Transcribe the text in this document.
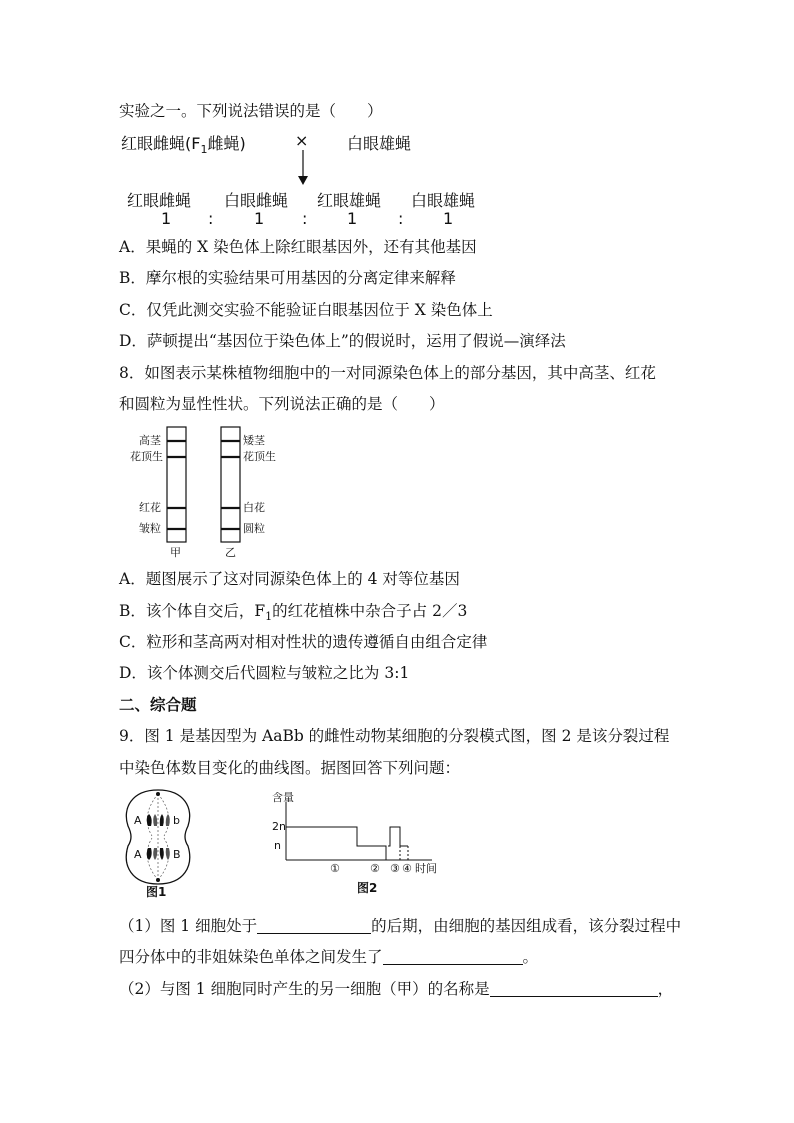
实验之一。下列说法错误的是（　　）
红眼雌蝇($F_1$雌蝇)	× 白眼雄蝇
红眼雌蝇 白眼雌蝇 红眼雄蝇 白眼雄蝇
1 :	1 : 1	: 1
A．果蝇的 X 染色体上除红眼基因外，还有其他基因
B．摩尔根的实验结果可用基因的分离定律来解释
C．仅凭此测交实验不能验证白眼基因位于 X 染色体上
D．萨顿提出“基因位于染色体上”的假说时，运用了假说—演绎法
8．如图表示某株植物细胞中的一对同源染色体上的部分基因，其中高茎、红花
和圆粒为显性性状。下列说法正确的是（　　）
高茎
花顶生
红花
皱粒
矮茎
花顶生
白花
圆粒
甲	乙
A．题图展示了这对同源染色体上的 4 对等位基因
B．该个体自交后，$F_1$的红花植株中杂合子占 2／3
C．粒形和茎高两对相对性状的遗传遵循自由组合定律
D．该个体测交后代圆粒与皱粒之比为 3:1
二、综合题
9．图 1 是基因型为 AaBb 的雌性动物某细胞的分裂模式图，图 2 是该分裂过程
中染色体数目变化的曲线图。据图回答下列问题：
A	b
A	B
图1
含量
2n
n
①	② ③ ④ 时间
图2
（1）图 1 细胞处于	的后期，由细胞的基因组成看，该分裂过程中
四分体中的非姐妹染色单体之间发生了	。
（2）与图 1 细胞同时产生的另一细胞（甲）的名称是	，
